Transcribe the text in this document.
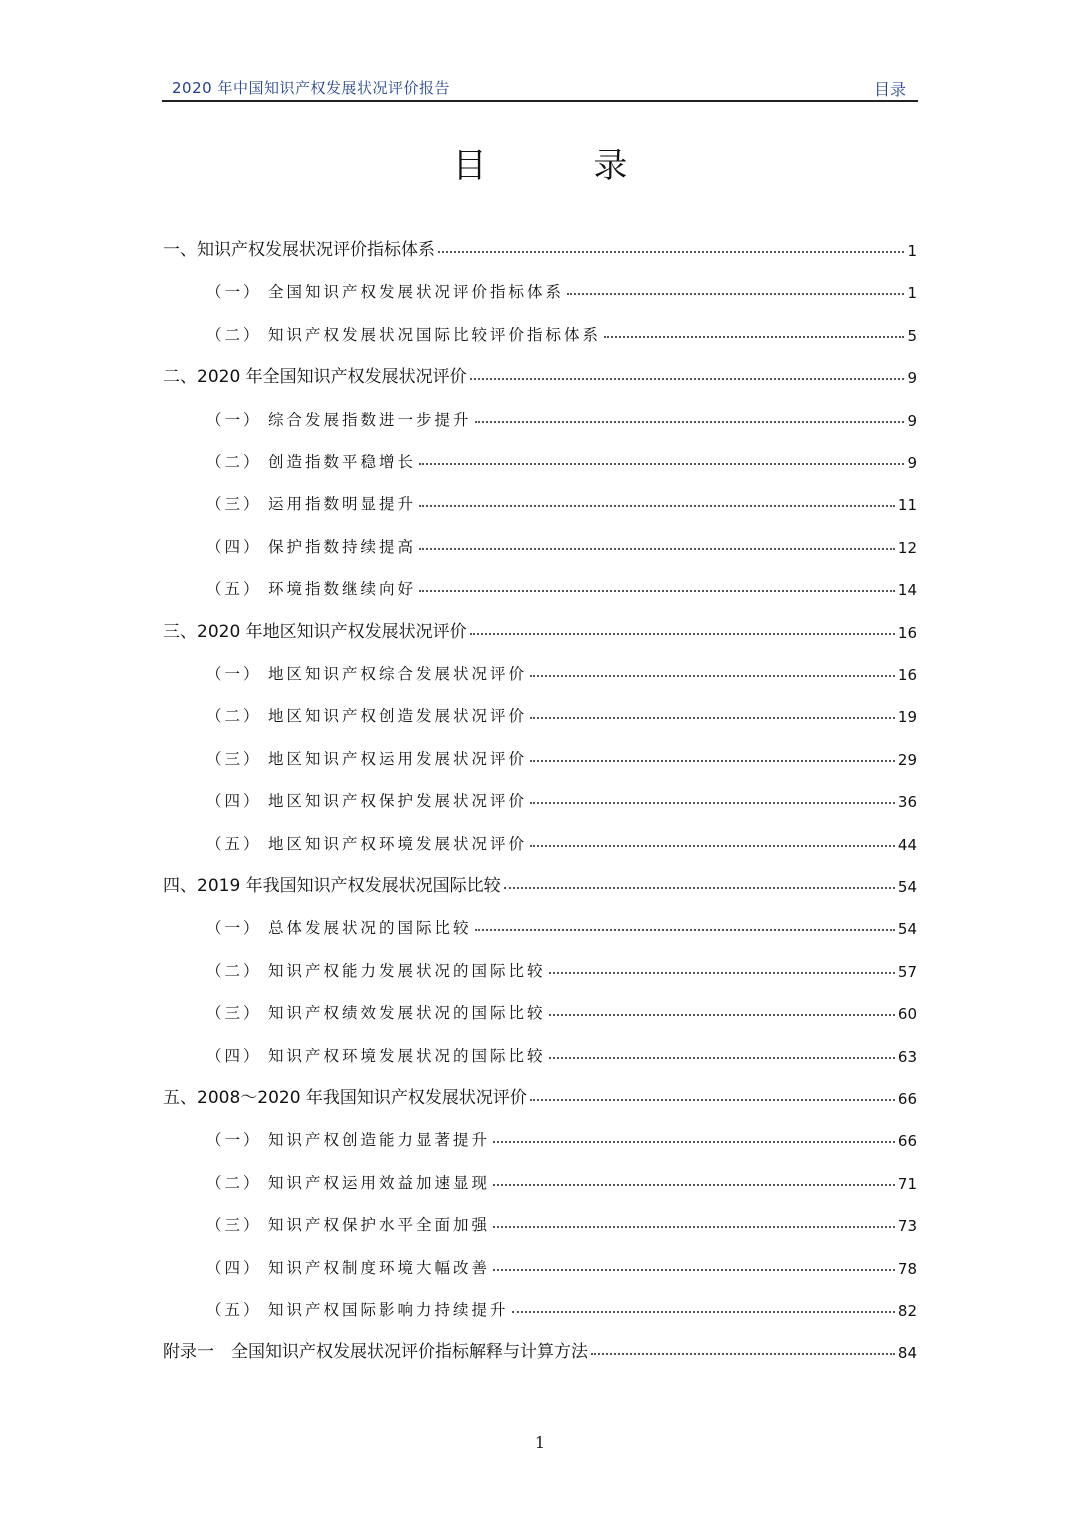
2020 年中国知识产权发展状况评价报告	目录
目 录
一、知识产权发展状况评价指标体系	1
（一） 全国知识产权发展状况评价指标体系	1
（二） 知识产权发展状况国际比较评价指标体系	5
二、2020 年全国知识产权发展状况评价	9
（一） 综合发展指数进一步提升	9
（二） 创造指数平稳增长	9
（三） 运用指数明显提升	11
（四） 保护指数持续提高	12
（五） 环境指数继续向好	14
三、2020 年地区知识产权发展状况评价	16
（一） 地区知识产权综合发展状况评价	16
（二） 地区知识产权创造发展状况评价	19
（三） 地区知识产权运用发展状况评价	29
（四） 地区知识产权保护发展状况评价	36
（五） 地区知识产权环境发展状况评价	44
四、2019 年我国知识产权发展状况国际比较	54
（一） 总体发展状况的国际比较	54
（二） 知识产权能力发展状况的国际比较	57
（三） 知识产权绩效发展状况的国际比较	60
（四） 知识产权环境发展状况的国际比较	63
五、2008～2020 年我国知识产权发展状况评价	66
（一） 知识产权创造能力显著提升	66
（二） 知识产权运用效益加速显现	71
（三） 知识产权保护水平全面加强	73
（四） 知识产权制度环境大幅改善	78
（五） 知识产权国际影响力持续提升	82
附录一　全国知识产权发展状况评价指标解释与计算方法	84
1
